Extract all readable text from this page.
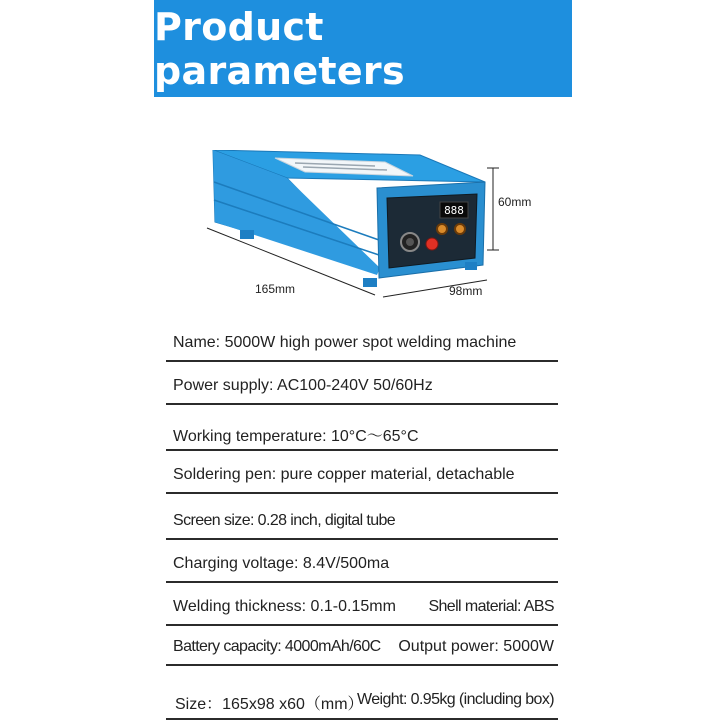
Product parameters
888
60mm
165mm	98mm
Name: 5000W high power spot welding machine
Power supply: AC100-240V 50/60Hz
Working temperature: 10°C～65°C
Soldering pen: pure copper material, detachable
Screen size: 0.28 inch, digital tube
Charging voltage: 8.4V/500ma
Welding thickness: 0.1-0.15mm Shell material: ABS
Battery capacity: 4000mAh/60C Output power: 5000W
Size：165x98 x60（mm）
Weight: 0.95kg (including box)
